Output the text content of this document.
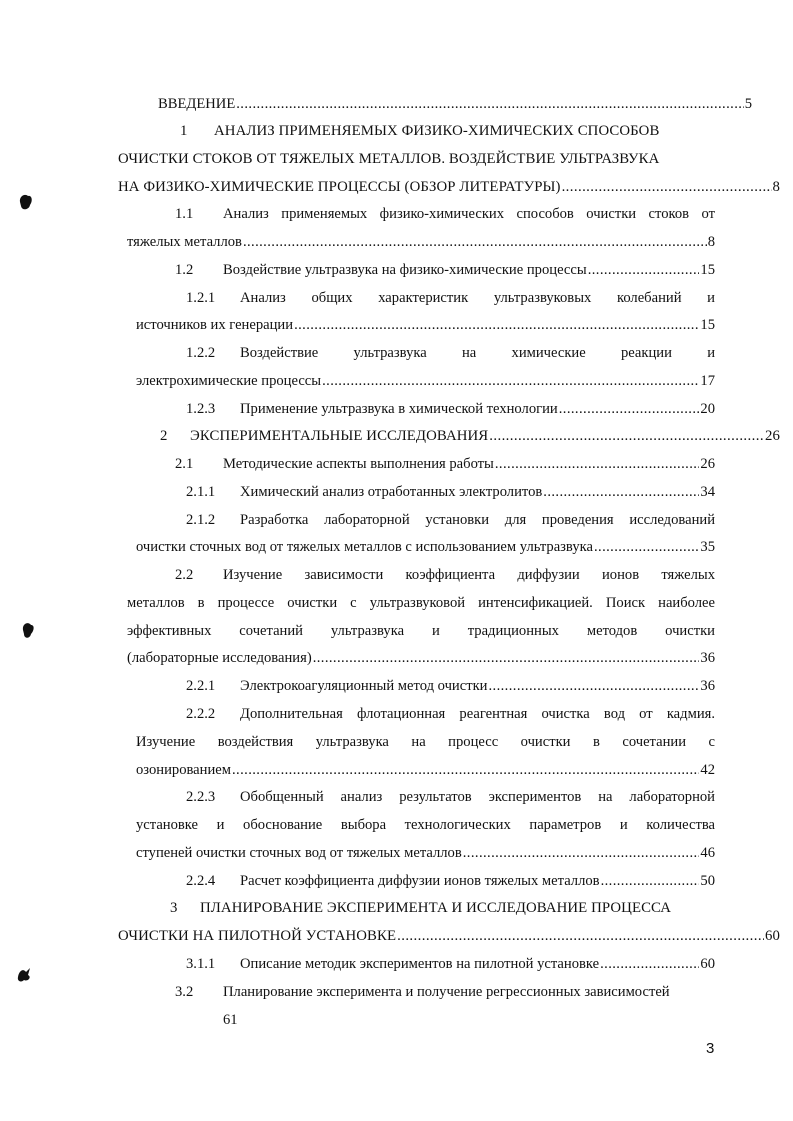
ВВЕДЕНИЕ .....	5
1 АНАЛИЗ ПРИМЕНЯЕМЫХ ФИЗИКО-ХИМИЧЕСКИХ СПОСОБОВ
ОЧИСТКИ СТОКОВ ОТ ТЯЖЕЛЫХ МЕТАЛЛОВ. ВОЗДЕЙСТВИЕ УЛЬТРАЗВУКА
НА ФИЗИКО-ХИМИЧЕСКИЕ ПРОЦЕССЫ (ОБЗОР ЛИТЕРАТУРЫ) .....	8
1.1 Анализ применяемых физико-химических способов очистки стоков от
тяжелых металлов .....	8
1.2 Воздействие ультразвука на физико-химические процессы .....	15
1.2.1 Анализ общих характеристик ультразвуковых колебаний и
источников их генерации .....	15
1.2.2 Воздействие ультразвука на химические реакции и
электрохимические процессы .....	17
1.2.3 Применение ультразвука в химической технологии .....	20
2 ЭКСПЕРИМЕНТАЛЬНЫЕ ИССЛЕДОВАНИЯ .....	26
2.1 Методические аспекты выполнения работы .....	26
2.1.1 Химический анализ отработанных электролитов .....	34
2.1.2 Разработка лабораторной установки для проведения исследований
очистки сточных вод от тяжелых металлов с использованием ультразвука .....	35
2.2 Изучение зависимости коэффициента диффузии ионов тяжелых
металлов в процессе очистки с ультразвуковой интенсификацией. Поиск наиболее
эффективных сочетаний ультразвука и традиционных методов очистки
(лабораторные исследования) .....	36
2.2.1 Электрокоагуляционный метод очистки .....	36
2.2.2 Дополнительная флотационная реагентная очистка вод от кадмия.
Изучение воздействия ультразвука на процесс очистки в сочетании с
озонированием .....	42
2.2.3 Обобщенный анализ результатов экспериментов на лабораторной
установке и обоснование выбора технологических параметров и количества
ступеней очистки сточных вод от тяжелых металлов .....	46
2.2.4 Расчет коэффициента диффузии ионов тяжелых металлов .....	50
3 ПЛАНИРОВАНИЕ ЭКСПЕРИМЕНТА И ИССЛЕДОВАНИЕ ПРОЦЕССА
ОЧИСТКИ НА ПИЛОТНОЙ УСТАНОВКЕ .....	60
3.1.1 Описание методик экспериментов на пилотной установке .....	60
3.2 Планирование эксперимента и получение регрессионных зависимостей
61
3
